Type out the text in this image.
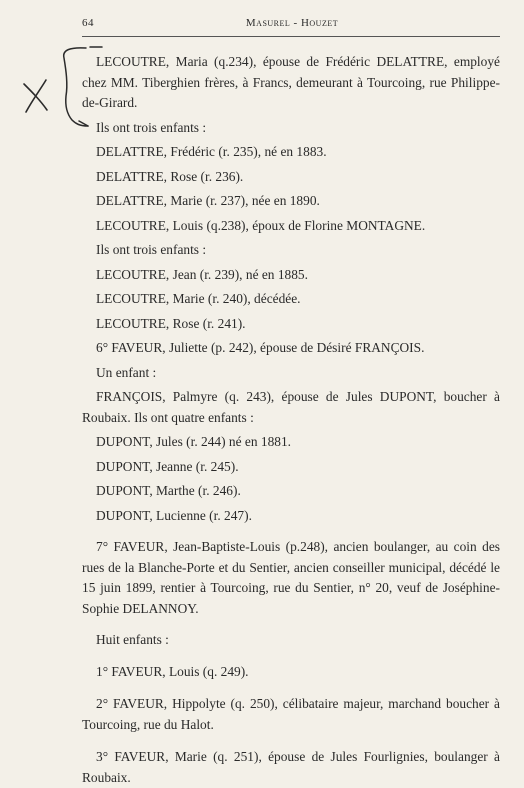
64	Masurel - Houzet

LECOUTRE, Maria (q.234), épouse de Frédéric DELATTRE, employé chez MM. Tiberghien frères, à Francs, demeurant à Tourcoing, rue Philippe-de-Girard.

Ils ont trois enfants :

DELATTRE, Frédéric (r. 235), né en 1883.

DELATTRE, Rose (r. 236).

DELATTRE, Marie (r. 237), née en 1890.

LECOUTRE, Louis (q.238), époux de Florine MONTAGNE.

Ils ont trois enfants :

LECOUTRE, Jean (r. 239), né en 1885.

LECOUTRE, Marie (r. 240), décédée.

LECOUTRE, Rose (r. 241).

6° FAVEUR, Juliette (p. 242), épouse de Désiré FRANÇOIS.

Un enfant :

FRANÇOIS, Palmyre (q. 243), épouse de Jules DUPONT, boucher à Roubaix. Ils ont quatre enfants :

DUPONT, Jules (r. 244) né en 1881.

DUPONT, Jeanne (r. 245).

DUPONT, Marthe (r. 246).

DUPONT, Lucienne (r. 247).

7° FAVEUR, Jean-Baptiste-Louis (p.248), ancien boulanger, au coin des rues de la Blanche-Porte et du Sentier, ancien conseiller municipal, décédé le 15 juin 1899, rentier à Tourcoing, rue du Sentier, n° 20, veuf de Joséphine-Sophie DELANNOY.

Huit enfants :

1° FAVEUR, Louis (q. 249).

2° FAVEUR, Hippolyte (q. 250), célibataire majeur, marchand boucher à Tourcoing, rue du Halot.

3° FAVEUR, Marie (q. 251), épouse de Jules Fourlignies, boulanger à Roubaix.
